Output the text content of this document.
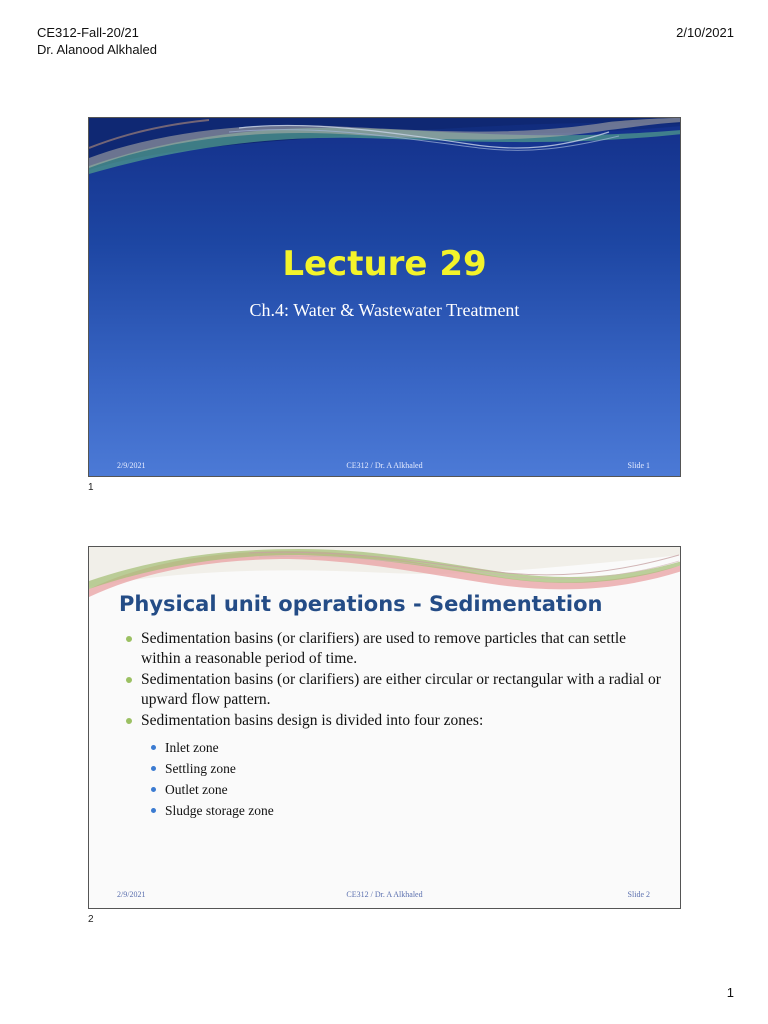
CE312-Fall-20/21
Dr. Alanood Alkhaled
2/10/2021
Lecture 29
Ch.4: Water & Wastewater Treatment
2/9/2021	CE312 / Dr. A Alkhaled	Slide 1
1
Physical unit operations - Sedimentation
Sedimentation basins (or clarifiers) are used to remove particles that can settle within a reasonable period of time.
Sedimentation basins (or clarifiers) are either circular or rectangular with a radial or upward flow pattern.
Sedimentation basins design is divided into four zones:
Inlet zone
Settling zone
Outlet zone
Sludge storage zone
2/9/2021	CE312 / Dr. A Alkhaled	Slide 2
2
1
